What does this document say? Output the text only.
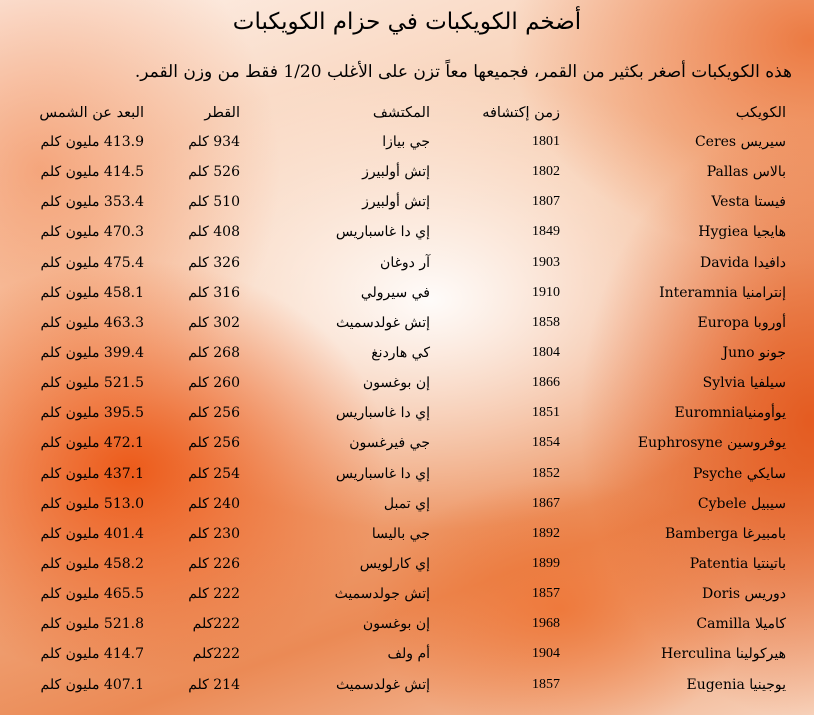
أضخم الكويكبات في حزام الكويكبات
هذه الكويكبات أصغر بكثير من القمر، فجميعها معاً تزن على الأغلب 1/20 فقط من وزن القمر.
الكويكب
زمن إكتشافه
المكتشف
القطر
البعد عن الشمس
سيريس Ceres
1801
جي بيازا
934 كلم
413.9 مليون كلم
بالاس Pallas
1802
إتش أولبيرز
526 كلم
414.5 مليون كلم
فيستا Vesta
1807
إتش أولبيرز
510 كلم
353.4 مليون كلم
هايجيا Hygiea
1849
إي دا غاسباريس
408 كلم
470.3 مليون كلم
دافيدا Davida
1903
آر دوغان
326 كلم
475.4 مليون كلم
إنترامنيا Interamnia
1910
في سيرولي
316 كلم
458.1 مليون كلم
أوروبا Europa
1858
إتش غولدسميث
302 كلم
463.3 مليون كلم
جونو Juno
1804
كي هاردنغ
268 كلم
399.4 مليون كلم
سيلفيا Sylvia
1866
إن بوغسون
260 كلم
521.5 مليون كلم
يوأومنياEuromnia
1851
إي دا غاسباريس
256 كلم
395.5 مليون كلم
يوفروسين Euphrosyne
1854
جي فيرغسون
256 كلم
472.1 مليون كلم
سايكي Psyche
1852
إي دا غاسباريس
254 كلم
437.1 مليون كلم
سيبيل Cybele
1867
إي تمبل
240 كلم
513.0 مليون كلم
بامبيرغا Bamberga
1892
جي باليسا
230 كلم
401.4 مليون كلم
باتينتيا Patentia
1899
إي كارلويس
226 كلم
458.2 مليون كلم
دوريس Doris
1857
إتش جولدسميث
222 كلم
465.5 مليون كلم
كاميلا Camilla
1968
إن بوغسون
222كلم
521.8 مليون كلم
هيركولينا Herculina
1904
أم ولف
222كلم
414.7 مليون كلم
يوجينيا Eugenia
1857
إتش غولدسميث
214 كلم
407.1 مليون كلم
